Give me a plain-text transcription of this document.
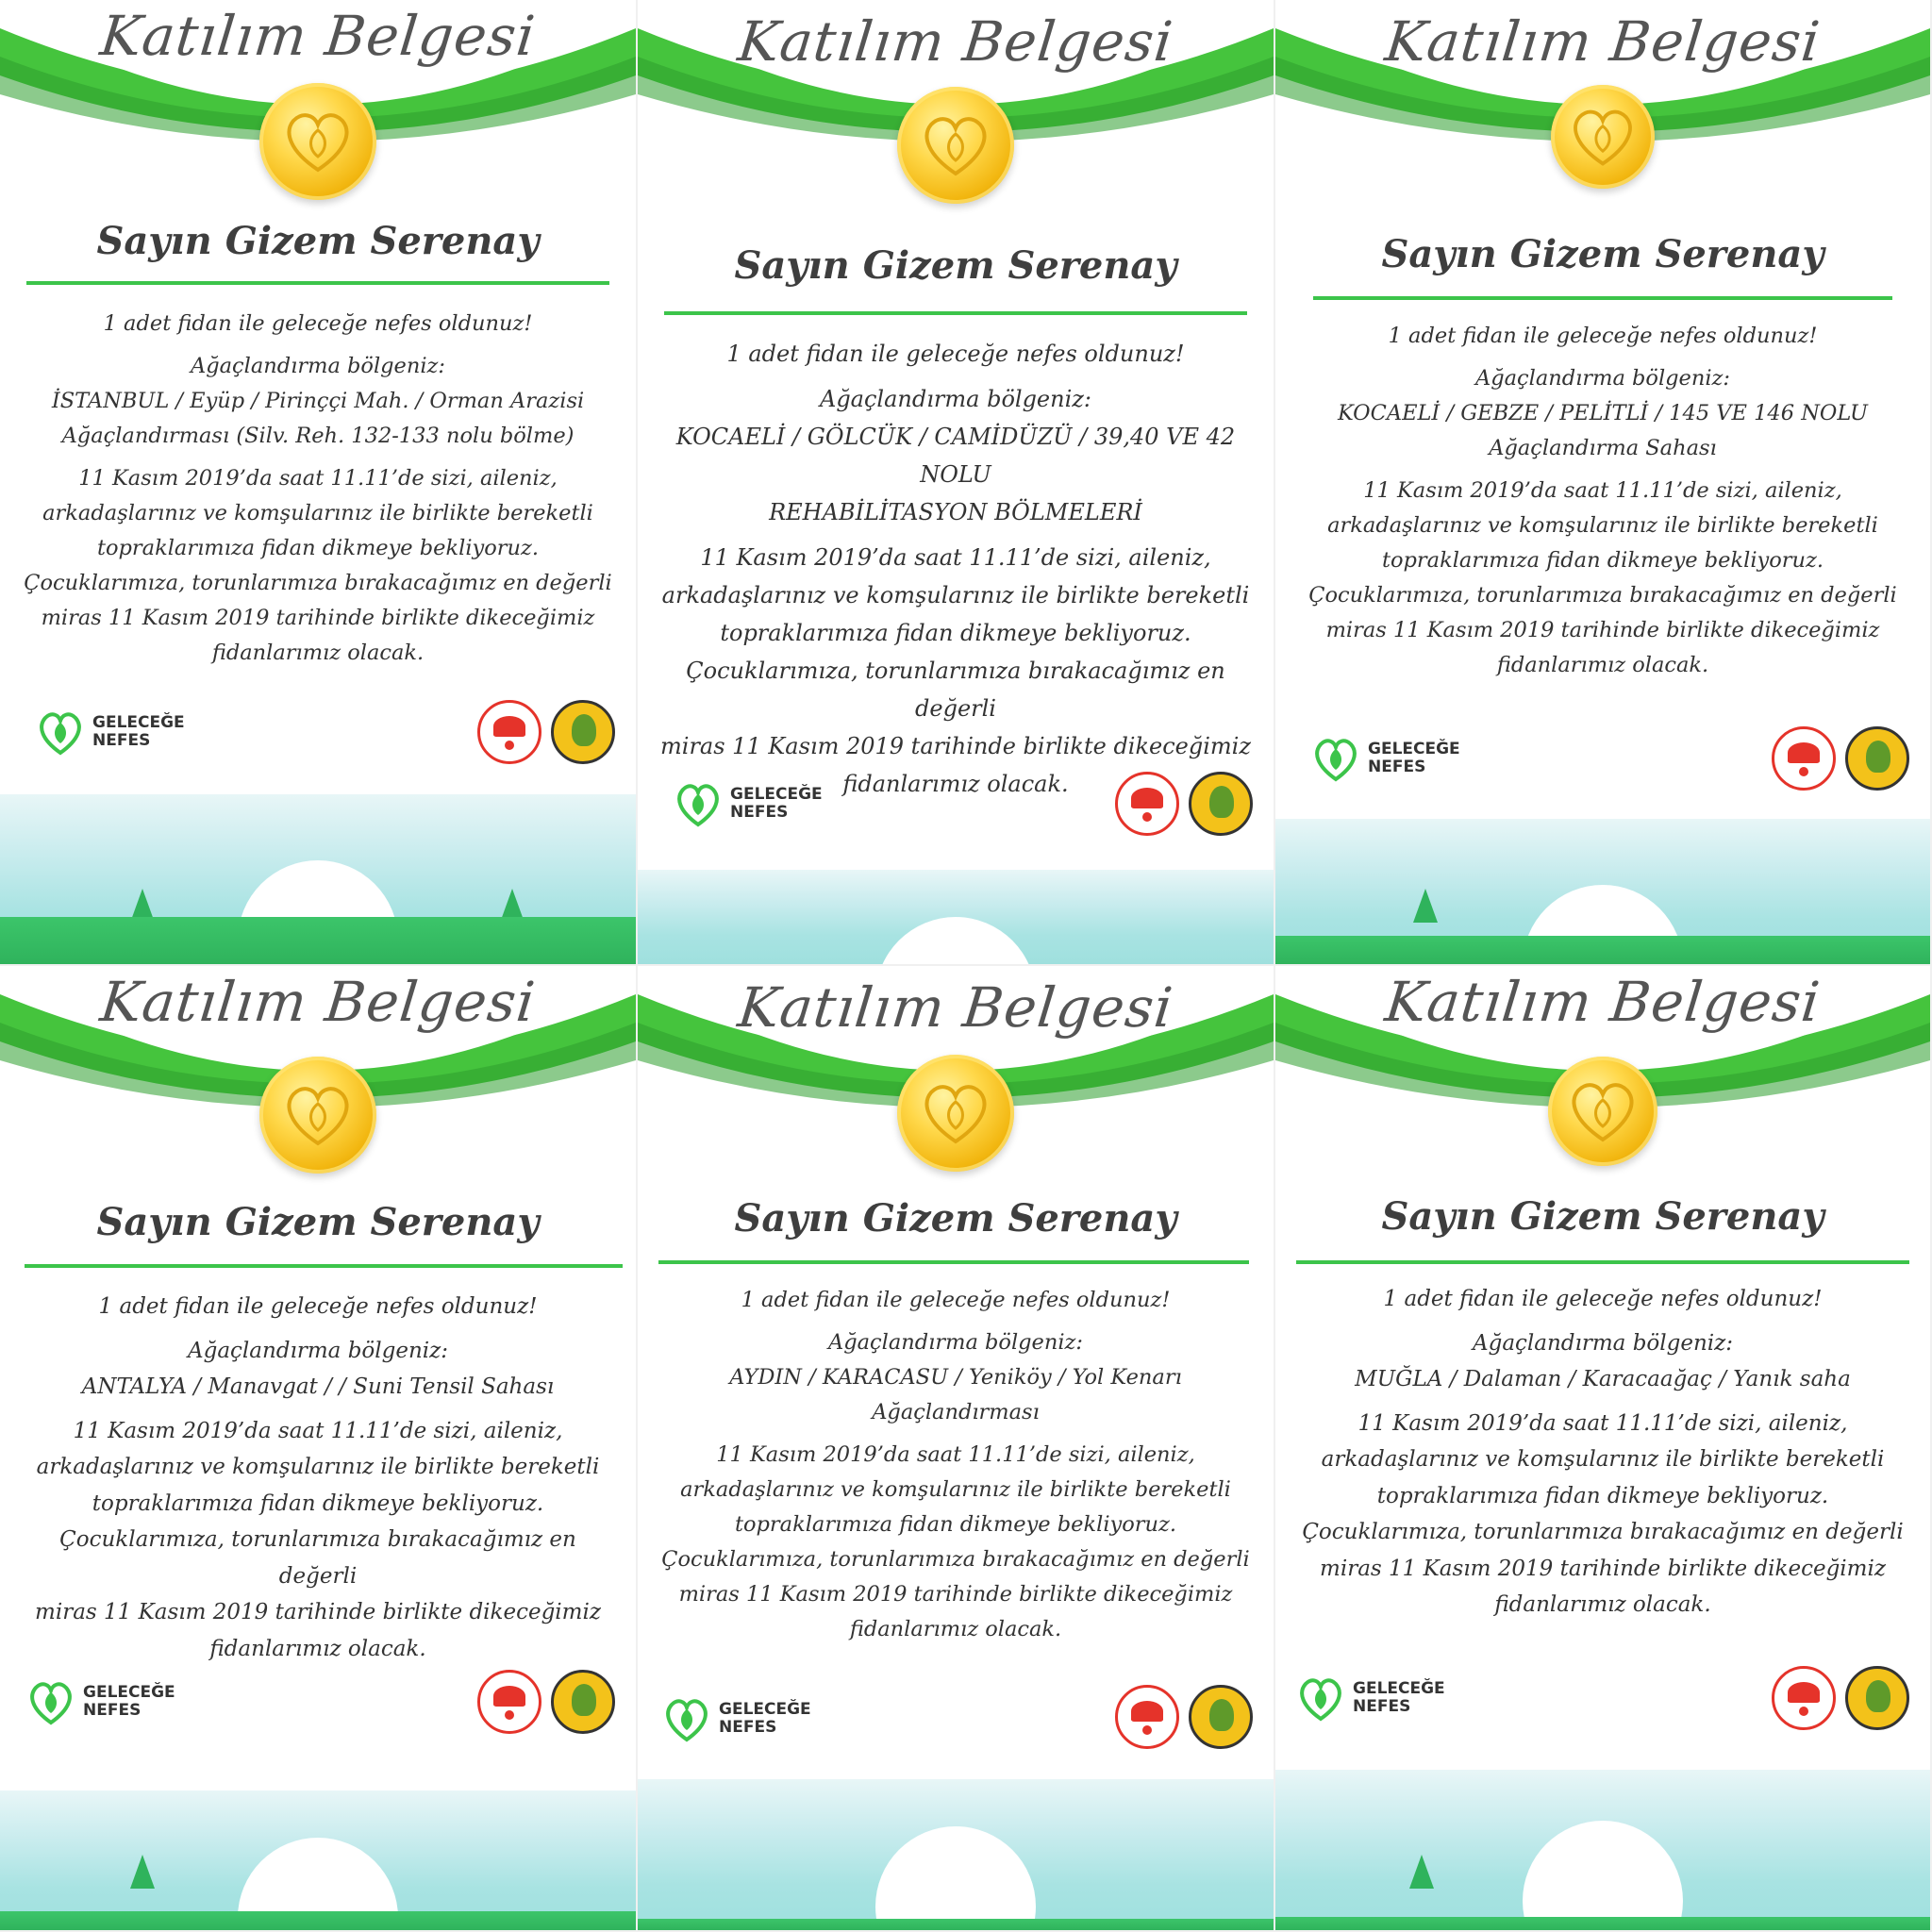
Katılım Belgesi
Sayın Gizem Serenay

1 adet fidan ile geleceğe nefes oldunuz!

Ağaçlandırma bölgeniz:

İSTANBUL / Eyüp / Pirinççi Mah. / Orman Arazisi
Ağaçlandırması (Silv. Reh. 132-133 nolu bölme)

11 Kasım 2019’da saat 11.11’de sizi, aileniz,
arkadaşlarınız ve komşularınız ile birlikte bereketli
topraklarımıza fidan dikmeye bekliyoruz.
Çocuklarımıza, torunlarımıza bırakacağımız en değerli
miras 11 Kasım 2019 tarihinde birlikte dikeceğimiz
fidanlarımız olacak.

GELECEĞE
NEFES
Katılım Belgesi
Sayın Gizem Serenay

1 adet fidan ile geleceğe nefes oldunuz!

Ağaçlandırma bölgeniz:

KOCAELİ / GÖLCÜK / CAMİDÜZÜ / 39,40 VE 42 NOLU
REHABİLİTASYON BÖLMELERİ

11 Kasım 2019’da saat 11.11’de sizi, aileniz,
arkadaşlarınız ve komşularınız ile birlikte bereketli
topraklarımıza fidan dikmeye bekliyoruz.
Çocuklarımıza, torunlarımıza bırakacağımız en değerli
miras 11 Kasım 2019 tarihinde birlikte dikeceğimiz
fidanlarımız olacak.

GELECEĞE
NEFES
Katılım Belgesi
Sayın Gizem Serenay

1 adet fidan ile geleceğe nefes oldunuz!

Ağaçlandırma bölgeniz:

KOCAELİ / GEBZE / PELİTLİ / 145 VE 146 NOLU
Ağaçlandırma Sahası

11 Kasım 2019’da saat 11.11’de sizi, aileniz,
arkadaşlarınız ve komşularınız ile birlikte bereketli
topraklarımıza fidan dikmeye bekliyoruz.
Çocuklarımıza, torunlarımıza bırakacağımız en değerli
miras 11 Kasım 2019 tarihinde birlikte dikeceğimiz
fidanlarımız olacak.

GELECEĞE
NEFES
Katılım Belgesi
Sayın Gizem Serenay

1 adet fidan ile geleceğe nefes oldunuz!

Ağaçlandırma bölgeniz:

ANTALYA / Manavgat / / Suni Tensil Sahası

11 Kasım 2019’da saat 11.11’de sizi, aileniz,
arkadaşlarınız ve komşularınız ile birlikte bereketli
topraklarımıza fidan dikmeye bekliyoruz.
Çocuklarımıza, torunlarımıza bırakacağımız en değerli
miras 11 Kasım 2019 tarihinde birlikte dikeceğimiz
fidanlarımız olacak.

GELECEĞE
NEFES
Katılım Belgesi
Sayın Gizem Serenay

1 adet fidan ile geleceğe nefes oldunuz!

Ağaçlandırma bölgeniz:

AYDIN / KARACASU / Yeniköy / Yol Kenarı
Ağaçlandırması

11 Kasım 2019’da saat 11.11’de sizi, aileniz,
arkadaşlarınız ve komşularınız ile birlikte bereketli
topraklarımıza fidan dikmeye bekliyoruz.
Çocuklarımıza, torunlarımıza bırakacağımız en değerli
miras 11 Kasım 2019 tarihinde birlikte dikeceğimiz
fidanlarımız olacak.

GELECEĞE
NEFES
Katılım Belgesi
Sayın Gizem Serenay

1 adet fidan ile geleceğe nefes oldunuz!

Ağaçlandırma bölgeniz:

MUĞLA / Dalaman / Karacaağaç / Yanık saha

11 Kasım 2019’da saat 11.11’de sizi, aileniz,
arkadaşlarınız ve komşularınız ile birlikte bereketli
topraklarımıza fidan dikmeye bekliyoruz.
Çocuklarımıza, torunlarımıza bırakacağımız en değerli
miras 11 Kasım 2019 tarihinde birlikte dikeceğimiz
fidanlarımız olacak.

GELECEĞE
NEFES
